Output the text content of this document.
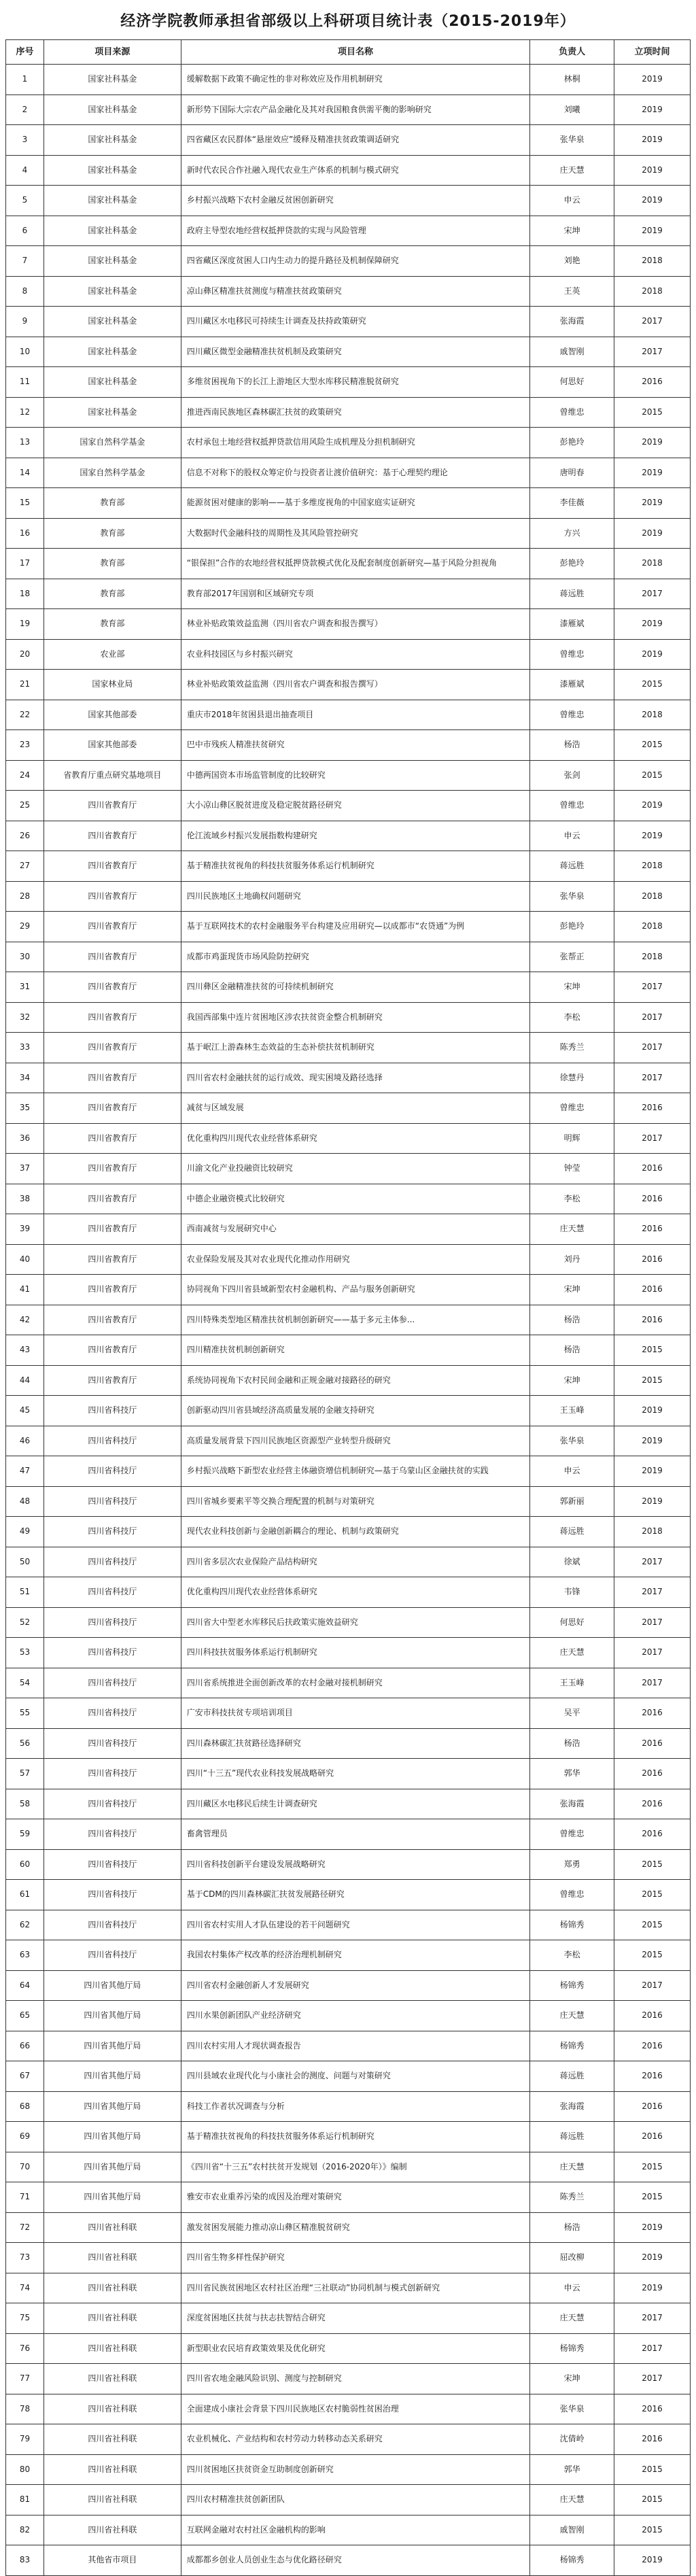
经济学院教师承担省部级以上科研项目统计表（2015-2019年）
序号	项目来源	项目名称	负责人	立项时间
1	国家社科基金	缓解数据下政策不确定性的非对称效应及作用机制研究	林桐	2019
2	国家社科基金	新形势下国际大宗农产品金融化及其对我国粮食供需平衡的影响研究	刘曦	2019
3	国家社科基金	四省藏区农民群体“悬崖效应”缓释及精准扶贫政策调适研究	张华泉	2019
4	国家社科基金	新时代农民合作社融入现代农业生产体系的机制与模式研究	庄天慧	2019
5	国家社科基金	乡村振兴战略下农村金融反贫困创新研究	申云	2019
6	国家社科基金	政府主导型农地经营权抵押贷款的实现与风险管理	宋坤	2019
7	国家社科基金	四省藏区深度贫困人口内生动力的提升路径及机制保障研究	刘艳	2018
8	国家社科基金	凉山彝区精准扶贫测度与精准扶贫政策研究	王英	2018
9	国家社科基金	四川藏区水电移民可持续生计调查及扶持政策研究	张海霞	2017
10	国家社科基金	四川藏区微型金融精准扶贫机制及政策研究	戚智刚	2017
11	国家社科基金	多维贫困视角下的长江上游地区大型水库移民精准脱贫研究	何思好	2016
12	国家社科基金	推进西南民族地区森林碳汇扶贫的政策研究	曾维忠	2015
13	国家自然科学基金	农村承包土地经营权抵押贷款信用风险生成机理及分担机制研究	彭艳玲	2019
14	国家自然科学基金	信息不对称下的股权众筹定价与投资者让渡价值研究：基于心理契约理论	唐明春	2019
15	教育部	能源贫困对健康的影响——基于多维度视角的中国家庭实证研究	李佳薇	2019
16	教育部	大数据时代金融科技的周期性及其风险管控研究	方兴	2019
17	教育部	“银保担”合作的农地经营权抵押贷款模式优化及配套制度创新研究—基于风险分担视角	彭艳玲	2018
18	教育部	教育部2017年国别和区域研究专项	蒋远胜	2017
19	教育部	林业补贴政策效益监测（四川省农户调查和报告撰写）	漆雁斌	2019
20	农业部	农业科技园区与乡村振兴研究	曾维忠	2019
21	国家林业局	林业补贴政策效益监测（四川省农户调查和报告撰写）	漆雁斌	2015
22	国家其他部委	重庆市2018年贫困县退出抽查项目	曾维忠	2018
23	国家其他部委	巴中市残疾人精准扶贫研究	杨浩	2015
24	省教育厅重点研究基地项目	中德两国资本市场监管制度的比较研究	张剑	2015
25	四川省教育厅	大小凉山彝区脱贫进度及稳定脱贫路径研究	曾维忠	2019
26	四川省教育厅	伦江流域乡村振兴发展指数构建研究	申云	2019
27	四川省教育厅	基于精准扶贫视角的科技扶贫服务体系运行机制研究	蒋远胜	2018
28	四川省教育厅	四川民族地区土地确权问题研究	张华泉	2018
29	四川省教育厅	基于互联网技术的农村金融服务平台构建及应用研究—以成都市“农贷通”为例	彭艳玲	2018
30	四川省教育厅	成都市鸡蛋现货市场风险防控研究	张帮正	2018
31	四川省教育厅	四川彝区金融精准扶贫的可持续机制研究	宋坤	2017
32	四川省教育厅	我国西部集中连片贫困地区涉农扶贫资金整合机制研究	李松	2017
33	四川省教育厅	基于岷江上游森林生态效益的生态补偿扶贫机制研究	陈秀兰	2017
34	四川省教育厅	四川省农村金融扶贫的运行成效、现实困境及路径选择	徐慧丹	2017
35	四川省教育厅	减贫与区域发展	曾维忠	2016
36	四川省教育厅	优化重构四川现代农业经营体系研究	明辉	2017
37	四川省教育厅	川渝文化产业投融资比较研究	钟莹	2016
38	四川省教育厅	中德企业融资模式比较研究	李松	2016
39	四川省教育厅	西南减贫与发展研究中心	庄天慧	2016
40	四川省教育厅	农业保险发展及其对农业现代化推动作用研究	刘丹	2016
41	四川省教育厅	协同视角下四川省县域新型农村金融机构、产品与服务创新研究	宋坤	2016
42	四川省教育厅	四川特殊类型地区精准扶贫机制创新研究——基于多元主体参...	杨浩	2016
43	四川省教育厅	四川精准扶贫机制创新研究	杨浩	2015
44	四川省教育厅	系统协同视角下农村民间金融和正规金融对接路径的研究	宋坤	2015
45	四川省科技厅	创新驱动四川省县域经济高质量发展的金融支持研究	王玉峰	2019
46	四川省科技厅	高质量发展背景下四川民族地区资源型产业转型升级研究	张华泉	2019
47	四川省科技厅	乡村振兴战略下新型农业经营主体融资增信机制研究—基于乌蒙山区金融扶贫的实践	申云	2019
48	四川省科技厅	四川省城乡要素平等交换合理配置的机制与对策研究	郭新丽	2019
49	四川省科技厅	现代农业科技创新与金融创新耦合的理论、机制与政策研究	蒋远胜	2018
50	四川省科技厅	四川省多层次农业保险产品结构研究	徐斌	2017
51	四川省科技厅	优化重构四川现代农业经营体系研究	韦锋	2017
52	四川省科技厅	四川省大中型老水库移民后扶政策实施效益研究	何思好	2017
53	四川省科技厅	四川科技扶贫服务体系运行机制研究	庄天慧	2017
54	四川省科技厅	四川省系统推进全面创新改革的农村金融对接机制研究	王玉峰	2017
55	四川省科技厅	广安市科技扶贫专项培训项目	吴平	2016
56	四川省科技厅	四川森林碳汇扶贫路径选择研究	杨浩	2016
57	四川省科技厅	四川“十三五”现代农业科技发展战略研究	郭华	2016
58	四川省科技厅	四川藏区水电移民后续生计调查研究	张海霞	2016
59	四川省科技厅	畜禽管理员	曾维忠	2016
60	四川省科技厅	四川省科技创新平台建设发展战略研究	郑勇	2015
61	四川省科技厅	基于CDM的四川森林碳汇扶贫发展路径研究	曾维忠	2015
62	四川省科技厅	四川省农村实用人才队伍建设的若干问题研究	杨锦秀	2015
63	四川省科技厅	我国农村集体产权改革的经济治理机制研究	李松	2015
64	四川省其他厅局	四川省农村金融创新人才发展研究	杨锦秀	2017
65	四川省其他厅局	四川水果创新团队产业经济研究	庄天慧	2016
66	四川省其他厅局	四川农村实用人才现状调查报告	杨锦秀	2016
67	四川省其他厅局	四川县域农业现代化与小康社会的测度、问题与对策研究	蒋远胜	2016
68	四川省其他厅局	科技工作者状况调查与分析	张海霞	2016
69	四川省其他厅局	基于精准扶贫视角的科技扶贫服务体系运行机制研究	蒋远胜	2016
70	四川省其他厅局	《四川省“十三五”农村扶贫开发规划（2016-2020年）》编制	庄天慧	2015
71	四川省其他厅局	雅安市农业重养污染的成因及治理对策研究	陈秀兰	2015
72	四川省社科联	激发贫困发展能力推动凉山彝区精准脱贫研究	杨浩	2019
73	四川省社科联	四川省生物多样性保护研究	屈改柳	2019
74	四川省社科联	四川省民族贫困地区农村社区治理“三社联动”协同机制与模式创新研究	申云	2019
75	四川省社科联	深度贫困地区扶贫与扶志扶智结合研究	庄天慧	2017
76	四川省社科联	新型职业农民培育政策效果及优化研究	杨锦秀	2017
77	四川省社科联	四川省农地金融风险识别、测度与控制研究	宋坤	2017
78	四川省社科联	全面建成小康社会背景下四川民族地区农村脆弱性贫困治理	张华泉	2016
79	四川省社科联	农业机械化、产业结构和农村劳动力转移动态关系研究	沈倩岭	2016
80	四川省社科联	四川贫困地区扶贫资金互助制度创新研究	郭华	2015
81	四川省社科联	四川农村精准扶贫创新团队	庄天慧	2015
82	四川省社科联	互联网金融对农村社区金融机构的影响	戚智刚	2015
83	其他省市项目	成都都乡创业人员创业生态与优化路径研究	杨锦秀	2019
